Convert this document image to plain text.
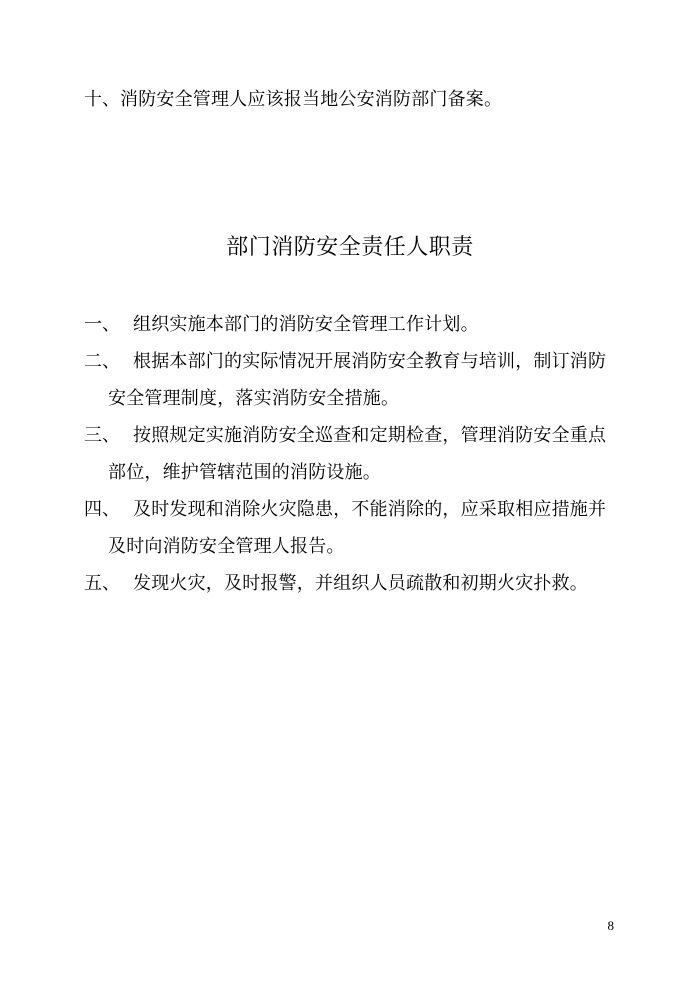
十、 消防安全管理人应该报当地公安消防部门备案。
部门消防安全责任人职责
一、 组织实施本部门的消防安全管理工作计划。
二、 根据本部门的实际情况开展消防安全教育与培训，制订消防
安全管理制度，落实消防安全措施。
三、 按照规定实施消防安全巡查和定期检查，管理消防安全重点
部位，维护管辖范围的消防设施。
四、 及时发现和消除火灾隐患，不能消除的，应采取相应措施并
及时向消防安全管理人报告。
五、 发现火灾，及时报警，并组织人员疏散和初期火灾扑救。
8
